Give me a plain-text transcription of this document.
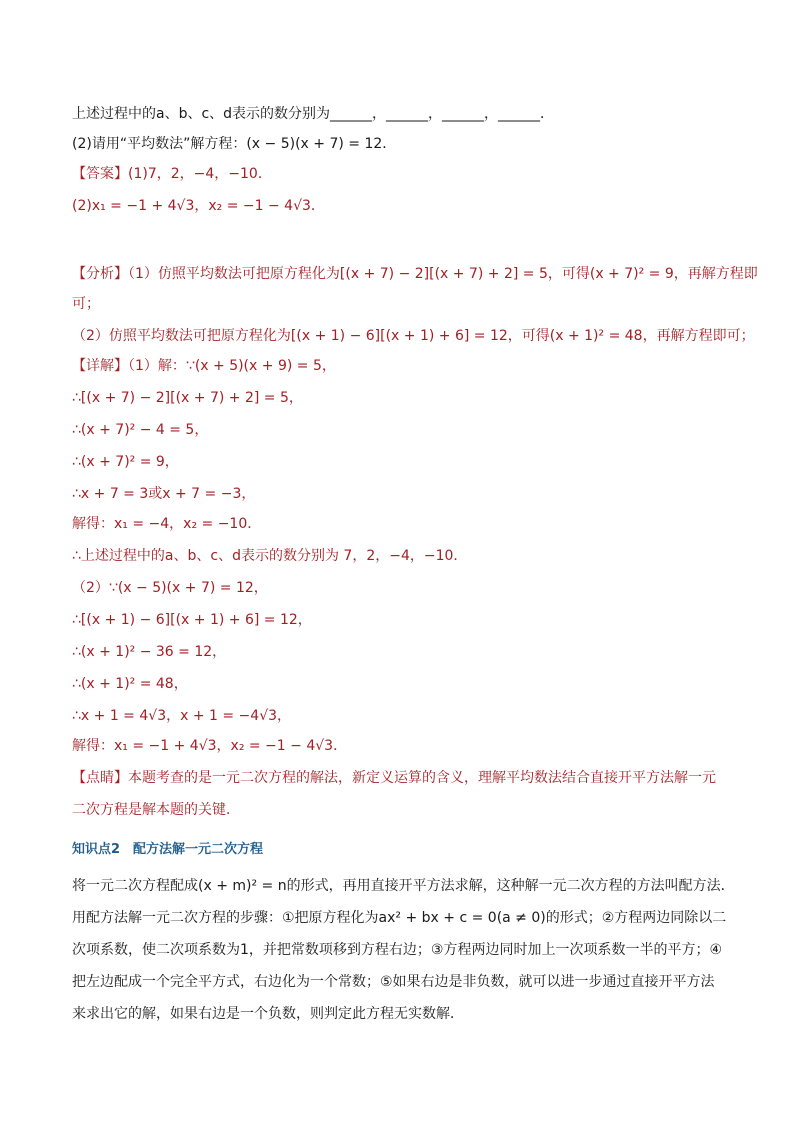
上述过程中的a、b、c、d表示的数分别为______，______，______，______．
(2)请用“平均数法”解方程：(x − 5)(x + 7) = 12．
【答案】(1)7，2，−4，−10．
(2)x₁ = −1 + 4√3，x₂ = −1 − 4√3．
【分析】（1）仿照平均数法可把原方程化为[(x + 7) − 2][(x + 7) + 2] = 5，可得(x + 7)² = 9，再解方程即
可；
（2）仿照平均数法可把原方程化为[(x + 1) − 6][(x + 1) + 6] = 12，可得(x + 1)² = 48，再解方程即可；
【详解】（1）解：∵(x + 5)(x + 9) = 5，
∴[(x + 7) − 2][(x + 7) + 2] = 5，
∴(x + 7)² − 4 = 5，
∴(x + 7)² = 9，
∴x + 7 = 3或x + 7 = −3，
解得：x₁ = −4，x₂ = −10．
∴上述过程中的a、b、c、d表示的数分别为 7，2，−4，−10．
（2）∵(x − 5)(x + 7) = 12，
∴[(x + 1) − 6][(x + 1) + 6] = 12，
∴(x + 1)² − 36 = 12，
∴(x + 1)² = 48，
∴x + 1 = 4√3，x + 1 = −4√3，
解得：x₁ = −1 + 4√3，x₂ = −1 − 4√3．
【点睛】本题考查的是一元二次方程的解法，新定义运算的含义，理解平均数法结合直接开平方法解一元
二次方程是解本题的关键．
知识点2　配方法解一元二次方程
将一元二次方程配成(x + m)² = n的形式，再用直接开平方法求解，这种解一元二次方程的方法叫配方法．
用配方法解一元二次方程的步骤：①把原方程化为ax² + bx + c = 0(a ≠ 0)的形式；②方程两边同除以二
次项系数，使二次项系数为1，并把常数项移到方程右边；③方程两边同时加上一次项系数一半的平方；④
把左边配成一个完全平方式，右边化为一个常数；⑤如果右边是非负数，就可以进一步通过直接开平方法
来求出它的解，如果右边是一个负数，则判定此方程无实数解．
